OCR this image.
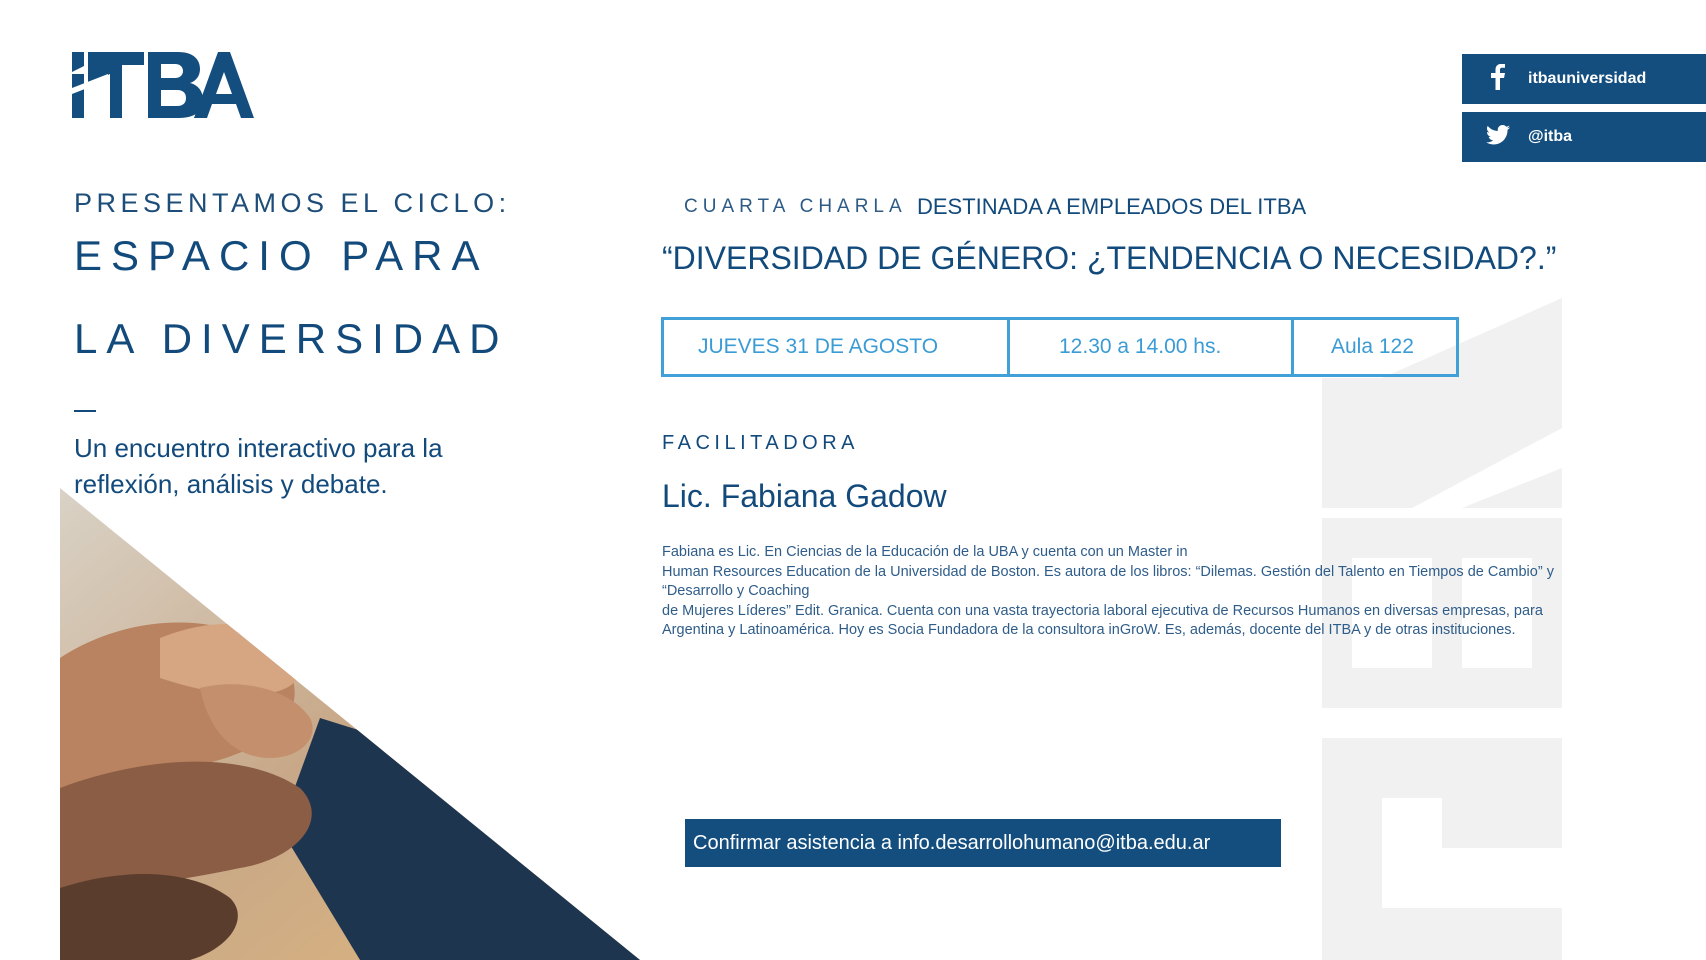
itbauniversidad
@itba
PRESENTAMOS EL CICLO:
ESPACIO PARA
LA DIVERSIDAD
Un encuentro interactivo para la
reflexión, análisis y debate.
CUARTA CHARLA DESTINADA A EMPLEADOS DEL ITBA
“DIVERSIDAD DE GÉNERO: ¿TENDENCIA O NECESIDAD?.”
JUEVES 31 DE AGOSTO	12.30 a 14.00 hs.	Aula 122
FACILITADORA
Lic. Fabiana Gadow

Fabiana es Lic. En Ciencias de la Educación de la UBA y cuenta con un Master in

Human Resources Education de la Universidad de Boston. Es autora de los libros: “Dilemas. Gestión del Talento en Tiempos de Cambio” y “Desarrollo y Coaching

de Mujeres Líderes” Edit. Granica. Cuenta con una vasta trayectoria laboral ejecutiva de Recursos Humanos en diversas empresas, para Argentina y Latinoamérica. Hoy es Socia Fundadora de la consultora inGroW. Es, además, docente del ITBA y de otras instituciones.

Confirmar asistencia a info.desarrollohumano@itba.edu.ar
